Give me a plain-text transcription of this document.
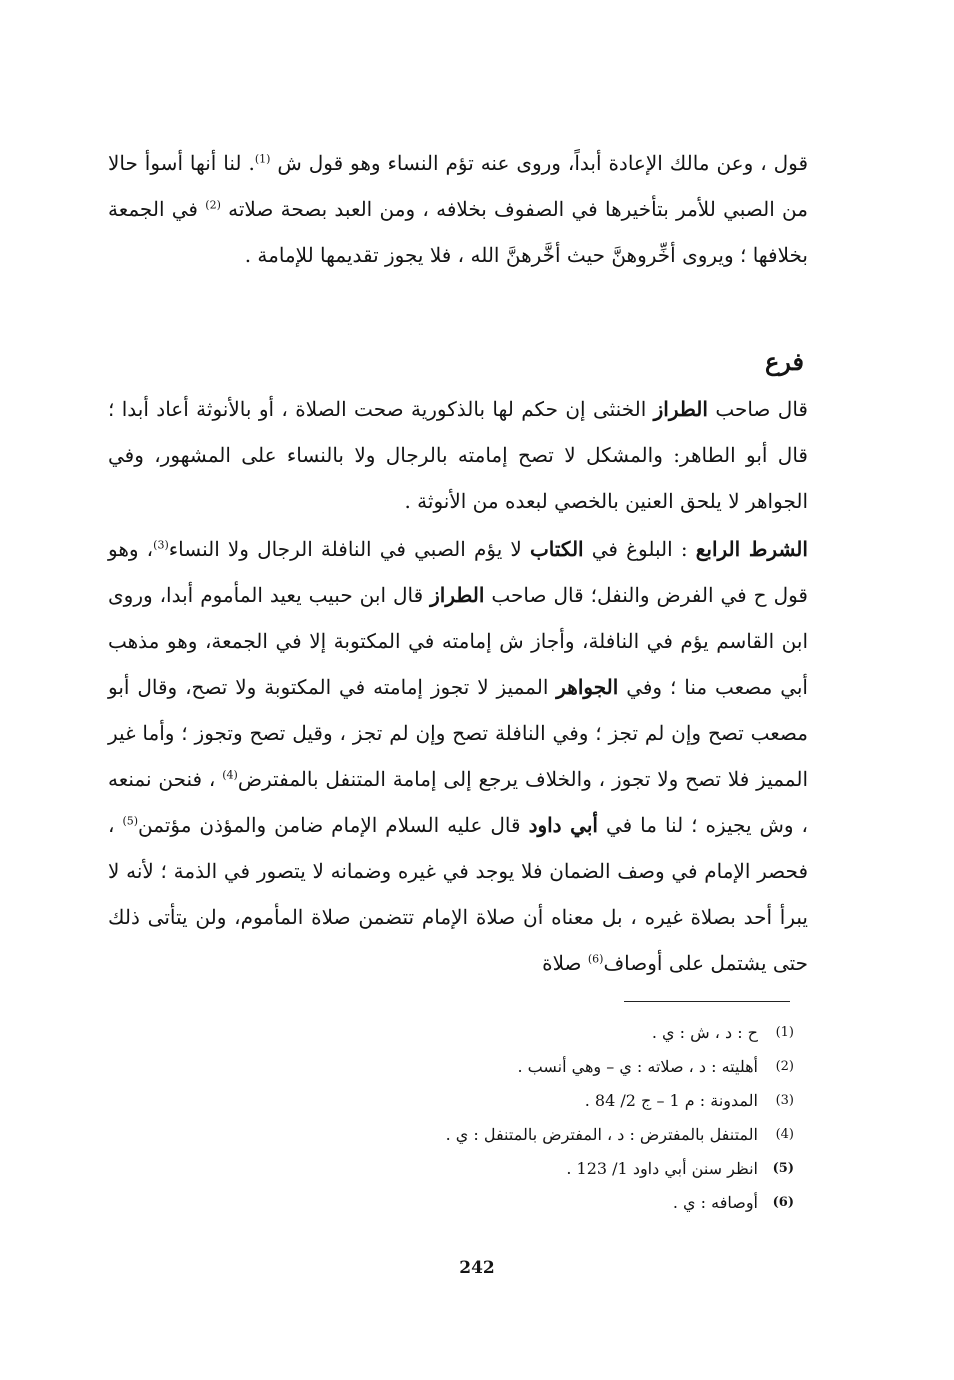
قول ، وعن مالك الإعادة أبداً، وروى عنه تؤم النساء وهو قول ش $^{(1)}$. لنا أنها أسوأ حالا من الصبي للأمر بتأخيرها في الصفوف بخلافه ، ومن العبد بصحة صلاته $^{(2)}$ في الجمعة بخلافها ؛ ويروى أخِّروهنَّ حيث أخَّرهنَّ الله ، فلا يجوز تقديمها للإمامة .

فرع

قال صاحب الطراز الخنثى إن حكم لها بالذكورية صحت الصلاة ، أو بالأنوثة أعاد أبدا ؛ قال أبو الطاهر: والمشكل لا تصح إمامته بالرجال ولا بالنساء على المشهور، وفي الجواهر لا يلحق العنين بالخصي لبعده من الأنوثة .

الشرط الرابع : البلوغ في الكتاب لا يؤم الصبي في النافلة الرجال ولا النساء$^{(3)}$، وهو قول ح في الفرض والنفل؛ قال صاحب الطراز قال ابن حبيب يعيد المأموم أبدا، وروى ابن القاسم يؤم في النافلة، وأجاز ش إمامته في المكتوبة إلا في الجمعة، وهو مذهب أبي مصعب منا ؛ وفي الجواهر المميز لا تجوز إمامته في المكتوبة ولا تصح، وقال أبو مصعب تصح وإن لم تجز ؛ وفي النافلة تصح وإن لم تجز ، وقيل تصح وتجوز ؛ وأما غير المميز فلا تصح ولا تجوز ، والخلاف يرجع إلى إمامة المتنفل بالمفترض$^{(4)}$ ، فنحن نمنعه ، وش يجيزه ؛ لنا ما في أبي داود قال عليه السلام الإمام ضامن والمؤذن مؤتمن$^{(5)}$ ، فحصر الإمام في وصف الضمان فلا يوجد في غيره وضمانه لا يتصور في الذمة ؛ لأنه لا يبرأ أحد بصلاة غيره ، بل معناه أن صلاة الإمام تتضمن صلاة المأموم، ولن يتأتى ذلك حتى يشتمل على أوصاف$^{(6)}$ صلاة

(1)
ح : د ، ش : ي .
(2)
أهليته : د ، صلاته : ي – وهي أنسب .
(3)
المدونة : م 1 – ج 2/ 84 .
(4)
المتنفل بالمفترض : د ، المفترض بالمتنفل : ي .
(5)
انظر سنن أبي داود 1/ 123 .
(6)
أوصافه : ي .
242
